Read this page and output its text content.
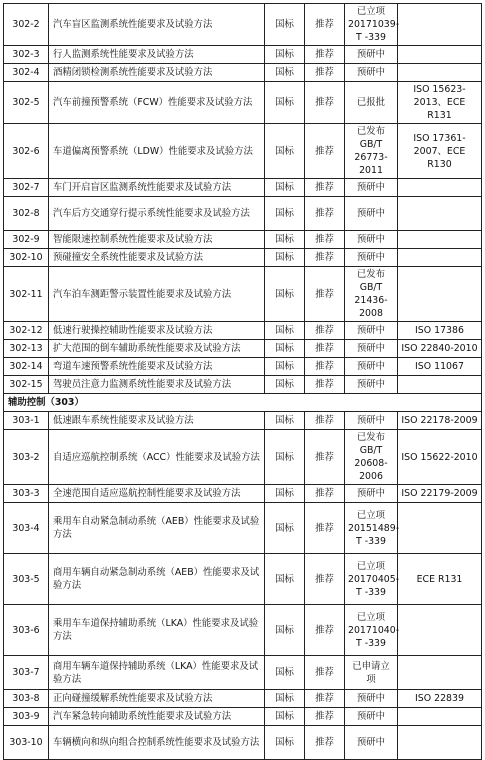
302-2	汽车盲区监测系统性能要求及试验方法	国标	推荐	已立项 20171039-T -339	
302-3	行人监测系统性能要求及试验方法	国标	推荐	预研中	
302-4	酒精闭锁检测系统性能要求及试验方法	国标	推荐	预研中	
302-5	汽车前撞预警系统（FCW）性能要求及试验方法	国标	推荐	已报批	ISO 15623-2013、ECE R131
302-6	车道偏离预警系统（LDW）性能要求及试验方法	国标	推荐	已发布GB/T 26773-2011	ISO 17361-2007、ECE R130
302-7	车门开启盲区监测系统性能要求及试验方法	国标	推荐	预研中	
302-8	汽车后方交通穿行提示系统性能要求及试验方法	国标	推荐	预研中	
302-9	智能限速控制系统性能要求及试验方法	国标	推荐	预研中	
302-10	预碰撞安全系统性能要求及试验方法	国标	推荐	预研中	
302-11	汽车泊车测距警示装置性能要求及试验方法	国标	推荐	已发布GB/T 21436-2008	
302-12	低速行驶操控辅助性能要求及试验方法	国标	推荐	预研中	ISO 17386
302-13	扩大范围的倒车辅助系统性能要求及试验方法	国标	推荐	预研中	ISO 22840-2010
302-14	弯道车速预警系统性能要求及试验方法	国标	推荐	预研中	ISO 11067
302-15	驾驶员注意力监测系统性能要求及试验方法	国标	推荐	预研中	
辅助控制（303）					
303-1	低速跟车系统性能要求及试验方法	国标	推荐	预研中	ISO 22178-2009
303-2	自适应巡航控制系统（ACC）性能要求及试验方法	国标	推荐	已发布GB/T 20608-2006	ISO 15622-2010
303-3	全速范围自适应巡航控制性能要求及试验方法	国标	推荐	预研中	ISO 22179-2009
303-4	乘用车自动紧急制动系统（AEB）性能要求及试验方法	国标	推荐	已立项 20151489-T -339	
303-5	商用车辆自动紧急制动系统（AEB）性能要求及试验方法	国标	推荐	已立项 20170405-T -339	ECE R131
303-6	乘用车车道保持辅助系统（LKA）性能要求及试验方法	国标	推荐	已立项 20171040-T -339	
303-7	商用车辆车道保持辅助系统（LKA）性能要求及试验方法	国标	推荐	已申请立项	
303-8	正向碰撞缓解系统性能要求及试验方法	国标	推荐	预研中	ISO 22839
303-9	汽车紧急转向辅助系统性能要求及试验方法	国标	推荐	预研中	
303-10	车辆横向和纵向组合控制系统性能要求及试验方法	国标	推荐	预研中	
